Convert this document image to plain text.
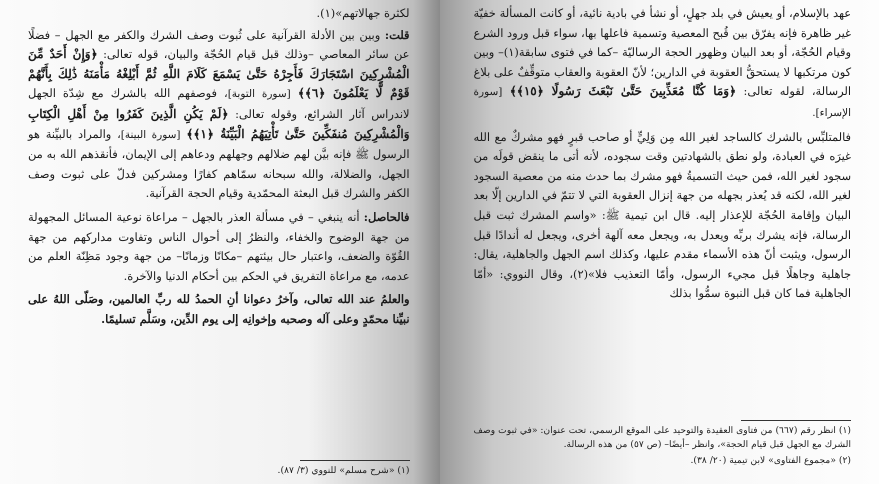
لكثرة جهالاتهم»‫(١)‬.

قلت: وبين بين الأدلة القرآنية على ثُبوت وصف الشرك والكفر مع الجهل – فضلًا عن سائر المعاصي –وذلك قبل قيام الحُجّة والبيان، قوله تعالى: ﴿وَإِنْ أَحَدٌ مِّنَ الْمُشْرِكِينَ اسْتَجَارَكَ فَأَجِرْهُ حَتَّىٰ يَسْمَعَ كَلَامَ اللَّهِ ثُمَّ أَبْلِغْهُ مَأْمَنَهُ ذَٰلِكَ بِأَنَّهُمْ قَوْمٌ لَّا يَعْلَمُونَ ﴿٦﴾﴾ [سورة التوبة]، فوصفهم الله بالشرك مع شِدّة الجهل لاندراس آثار الشرائع، وقوله تعالى: ﴿لَمْ يَكُنِ الَّذِينَ كَفَرُوا مِنْ أَهْلِ الْكِتَابِ وَالْمُشْرِكِينَ مُنفَكِّينَ حَتَّىٰ تَأْتِيَهُمُ الْبَيِّنَةُ ﴿١﴾﴾ [سورة البينة]، والمراد بالبيِّنة هو الرسول ﷺ فإنه بيَّن لهم ضلالهم وجهلهم ودعاهم إلى الإيمان، فأنقذهم الله به من الجهل، والضلالة، والله سبحانه سمّاهم كفارًا ومشركين فدلّ على ثبوت وصف الكفر والشرك قبل البعثة المحمّدية وقيام الحجة القرآنية.

فالحاصل: أنه ينبغي – في مسألة العذر بالجهل – مراعاة نوعية المسائل المجهولة من جهة الوضوح والخفاء، والنظرُ إلى أحوال الناس وتفاوت مداركهم من جهة القُوّة والضعف، واعتبار حال بيئتهم –مكانًا وزمانًا– من جهة وجود مَظِنّة العلم من عدمه، مع مراعاة التفريق في الحكم بين أحكام الدنيا والآخرة.

والعلمُ عند الله تعالى، وآخرُ دعوانا أنِ الحمدُ لله ربِّ العالمين، وصَلّى اللهُ على نبيِّنا محمّدٍ وعلى آله وصحبه وإخوانِه إلى يوم الدِّين، وسَلَّم تسليمًا.

(١) «شرح مسلم» للنووي (٣/ ٨٧).

عهد بالإسلام، أو يعيش في بلد جهلٍ، أو نشأ في بادية نائية، أو كانت المسألة خفيّة غير ظاهرة فإنه يفرّق بين قُبح المعصية وتسمية فاعلها بها، سواء قبل ورود الشرع وقيام الحُجّة، أو بعد البيان وظهور الحجة الرساليّة –كما في فتوى سابقة‫(١)‬– وبين كون مرتكبها لا يستحقُّ العقوبة في الدارين؛ لأنّ العقوبة والعقاب متوقِّفٌ على بلاغ الرسالة، لقوله تعالى: ﴿وَمَا كُنَّا مُعَذِّبِينَ حَتَّىٰ نَبْعَثَ رَسُولًا ﴿١٥﴾﴾ [سورة الإسراء].

فالمتلبِّس بالشرك كالساجد لغير الله مِن وَلِيٍّ أو صاحب قبرٍ فهو مشركٌ مع الله غيرَه في العبادة، ولو نطق بالشهادتين وقت سجوده، لأنه أتى ما ينقض قولَه من سجود لغير الله، فمن حيث التسميةُ فهو مشرك بما حدث منه من معصية السجود لغير الله، لكنه قد يُعذر بجهله من جهة إنزال العقوبة التي لا تتمّ في الدارين إلّا بعد البيان وإقامة الحُجّة للإعذار إليه. قال ابن تيمية ﷺ: «واسم المشرك ثبت قبل الرسالة، فإنه يشرك بربِّه ويعدل به، ويجعل معه آلهة أخرى، ويجعل له أندادًا قبل الرسول، ويثبت أنّ هذه الأسماء مقدم عليها، وكذلك اسم الجهل والجاهلية، يقال: جاهلية وجاهلًا قبل مجيء الرسول، وأمّا التعذيب فلا»‫(٢)‬، وقال النووي: «أمّا الجاهلية فما كان قبل النبوة سمُّوا بذلك

(١) انظر رقم (٦٦٧) من فتاوى العقيدة والتوحيد على الموقع الرسمي، تحت عنوان: «في ثبوت وصف الشرك مع الجهل قبل قيام الحجة»، وانظر –أيضًا– (ص ٥٧) من هذه الرسالة.

(٢) «مجموع الفتاوى» لابن تيمية (٢٠/ ٣٨).
